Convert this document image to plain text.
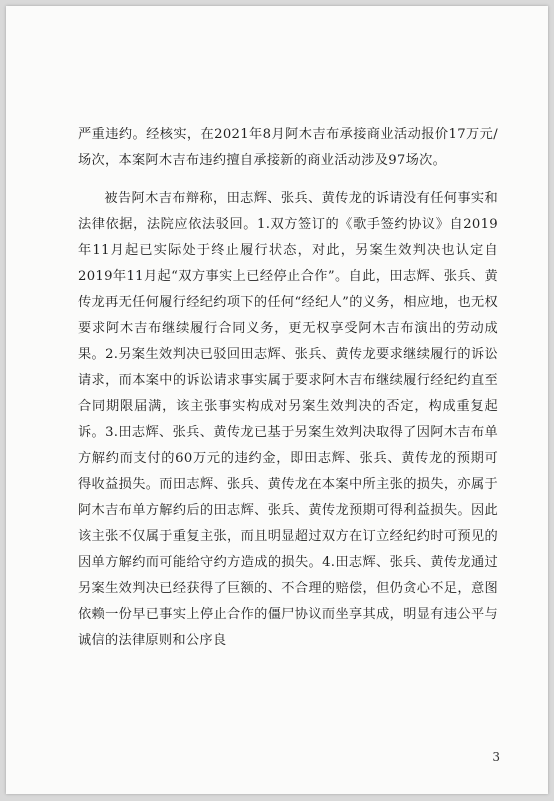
严重违约。经核实，在2021年8月阿木吉布承接商业活动报价17万元/场次，本案阿木吉布违约擅自承接新的商业活动涉及97场次。

被告阿木吉布辩称，田志辉、张兵、黄传龙的诉请没有任何事实和法律依据，法院应依法驳回。1.双方签订的《歌手签约协议》自2019年11月起已实际处于终止履行状态，对此，另案生效判决也认定自2019年11月起“双方事实上已经停止合作”。自此，田志辉、张兵、黄传龙再无任何履行经纪约项下的任何“经纪人”的义务，相应地，也无权要求阿木吉布继续履行合同义务，更无权享受阿木吉布演出的劳动成果。2.另案生效判决已驳回田志辉、张兵、黄传龙要求继续履行的诉讼请求，而本案中的诉讼请求事实属于要求阿木吉布继续履行经纪约直至合同期限届满，该主张事实构成对另案生效判决的否定，构成重复起诉。3.田志辉、张兵、黄传龙已基于另案生效判决取得了因阿木吉布单方解约而支付的60万元的违约金，即田志辉、张兵、黄传龙的预期可得收益损失。而田志辉、张兵、黄传龙在本案中所主张的损失，亦属于阿木吉布单方解约后的田志辉、张兵、黄传龙预期可得利益损失。因此该主张不仅属于重复主张，而且明显超过双方在订立经纪约时可预见的因单方解约而可能给守约方造成的损失。4.田志辉、张兵、黄传龙通过另案生效判决已经获得了巨额的、不合理的赔偿，但仍贪心不足，意图依赖一份早已事实上停止合作的僵尸协议而坐享其成，明显有违公平与诚信的法律原则和公序良

3
